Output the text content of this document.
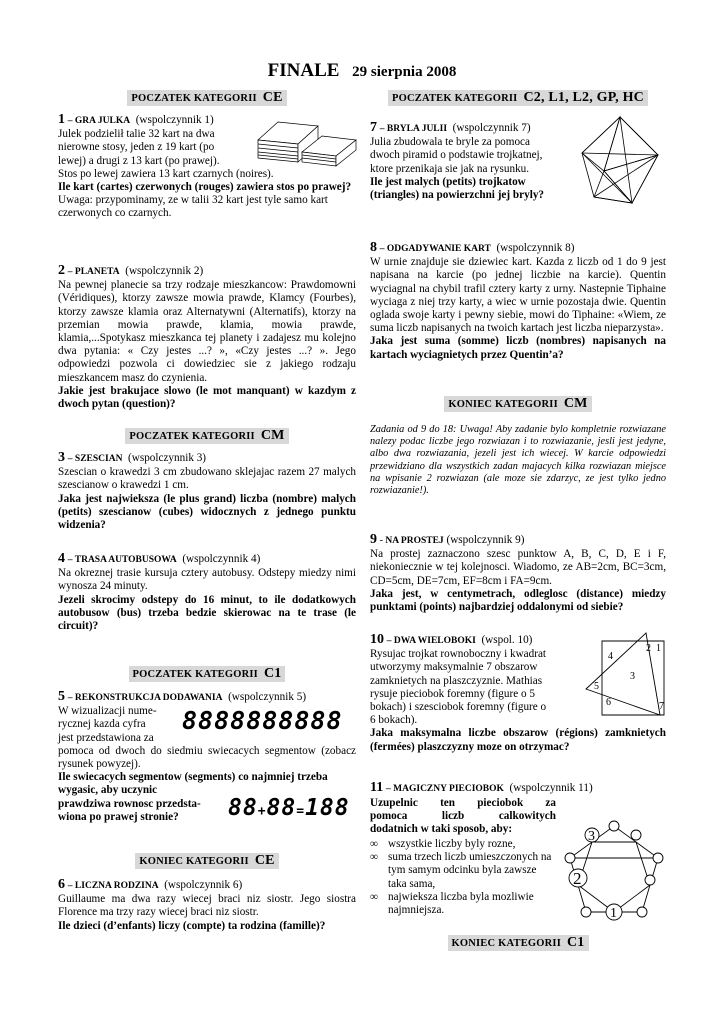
FINALE 29 sierpnia 2008
POCZATEK KATEGORII CE

1 – GRA JULKA (wspolczynnik 1)

Julek podzielił talie 32 kart na dwa

nierowne stosy, jeden z 19 kart (po

lewej) a drugi z 13 kart (po prawej).

Stos po lewej zawiera 13 kart czarnych (noires).

Ile kart (cartes) czerwonych (rouges) zawiera stos po prawej?

Uwaga: przypominamy, ze w talii 32 kart jest tyle samo kart czerwonych co czarnych.

2 – PLANETA (wspolczynnik 2)

Na pewnej planecie sa trzy rodzaje mieszkancow: Prawdomowni (Véridiques), ktorzy zawsze mowia prawde, Klamcy (Fourbes), ktorzy zawsze klamia oraz Alternatywni (Alternatifs), ktorzy na przemian mowia prawde, klamia, mowia prawde, klamia,...Spotykasz mieszkanca tej planety i zadajesz mu kolejno dwa pytania: « Czy jestes ...? », «Czy jestes ...? ». Jego odpowiedzi pozwola ci dowiedziec sie z jakiego rodzaju mieszkancem masz do czynienia.

Jakie jest brakujace slowo (le mot manquant) w kazdym z dwoch pytan (question)?

POCZATEK KATEGORII CM

3 – SZESCIAN (wspolczynnik 3)

Szescian o krawedzi 3 cm zbudowano sklejajac razem 27 malych szescianow o krawedzi 1 cm.

Jaka jest najwieksza (le plus grand) liczba (nombre) malych (petits) szescianow (cubes) widocznych z jednego punktu widzenia?

4 – TRASA AUTOBUSOWA (wspolczynnik 4)

Na okreznej trasie kursuja cztery autobusy. Odstepy miedzy nimi wynosza 24 minuty.

Jezeli skrocimy odstepy do 16 minut, to ile dodatkowych autobusow (bus) trzeba bedzie skierowac na te trase (le circuit)?

POCZATEK KATEGORII C1

5 – REKONSTRUKCJA DODAWANIA (wspolczynnik 5)

W wizualizacji nume-

rycznej kazda cyfra

jest przedstawiona za

pomoca od dwoch do siedmiu swiecacych segmentow (zobacz rysunek powyzej).

Ile swiecacych segmentow (segments) co najmniej trzeba

wygasic, aby uczynic

prawdziwa rownosc przedsta-

wiona po prawej stronie?

8888888888
88+88=188
KONIEC KATEGORII CE

6 – LICZNA RODZINA (wspolczynnik 6)

Guillaume ma dwa razy wiecej braci niz siostr. Jego siostra Florence ma trzy razy wiecej braci niz siostr.

Ile dzieci (d’enfants) liczy (compte) ta rodzina (famille)?

POCZATEK KATEGORII C2, L1, L2, GP, HC

7 – BRYLA JULII (wspolczynnik 7)

Julia zbudowala te bryle za pomoca

dwoch piramid o podstawie trojkatnej,

ktore przenikaja sie jak na rysunku.

Ile jest malych (petits) trojkatow

(triangles) na powierzchni jej bryly?

8 – ODGADYWANIE KART (wspolczynnik 8)

W urnie znajduje sie dziewiec kart. Kazda z liczb od 1 do 9 jest napisana na karcie (po jednej liczbie na karcie). Quentin wyciagnal na chybil trafil cztery karty z urny. Nastepnie Tiphaine wyciaga z niej trzy karty, a wiec w urnie pozostaja dwie. Quentin oglada swoje karty i pewny siebie, mowi do Tiphaine: «Wiem, ze suma liczb napisanych na twoich kartach jest liczba nieparzysta».

Jaka jest suma (somme) liczb (nombres) napisanych na kartach wyciagnietych przez Quentin’a?

KONIEC KATEGORII CM
Zadania od 9 do 18: Uwaga! Aby zadanie bylo kompletnie rozwiazane nalezy podac liczbe jego rozwiazan i to rozwiazanie, jesli jest jedyne, albo dwa rozwiazania, jezeli jest ich wiecej. W karcie odpowiedzi przewidziano dla wszystkich zadan majacych kilka rozwiazan miejsce na wpisanie 2 rozwiazan (ale moze sie zdarzyc, ze jest tylko jedno rozwiazanie!).

9 - NA PROSTEJ (wspolczynnik 9)

Na prostej zaznaczono szesc punktow A, B, C, D, E i F, niekoniecznie w tej kolejnosci. Wiadomo, ze AB=2cm, BC=3cm, CD=5cm, DE=7cm, EF=8cm i FA=9cm.

Jaka jest, w centymetrach, odleglosc (distance) miedzy punktami (points) najbardziej oddalonymi od siebie?

10 – DWA WIELOBOKI (wspol. 10)

Rysujac trojkat rownoboczny i kwadrat

utworzymy maksymalnie 7 obszarow

zamknietych na plaszczyznie. Mathias

rysuje pieciobok foremny (figure o 5

bokach) i szesciobok foremny (figure o

6 bokach).

Jaka maksymalna liczbe obszarow (régions) zamknietych (fermées) plaszczyzny moze on otrzymac?

1
2
3
4
5
6	7

11 – MAGICZNY PIECIOBOK (wspolczynnik 11)

Uzupelnic ten pieciobok za

pomoca liczb calkowitych

dodatnich w taki sposob, aby:

∞ wszystkie liczby byly rozne,
∞ suma trzech liczb umieszczonych na tym samym odcinku byla zawsze taka sama,
∞ najwieksza liczba byla mozliwie najmniejsza.
3
2
1
KONIEC KATEGORII C1
